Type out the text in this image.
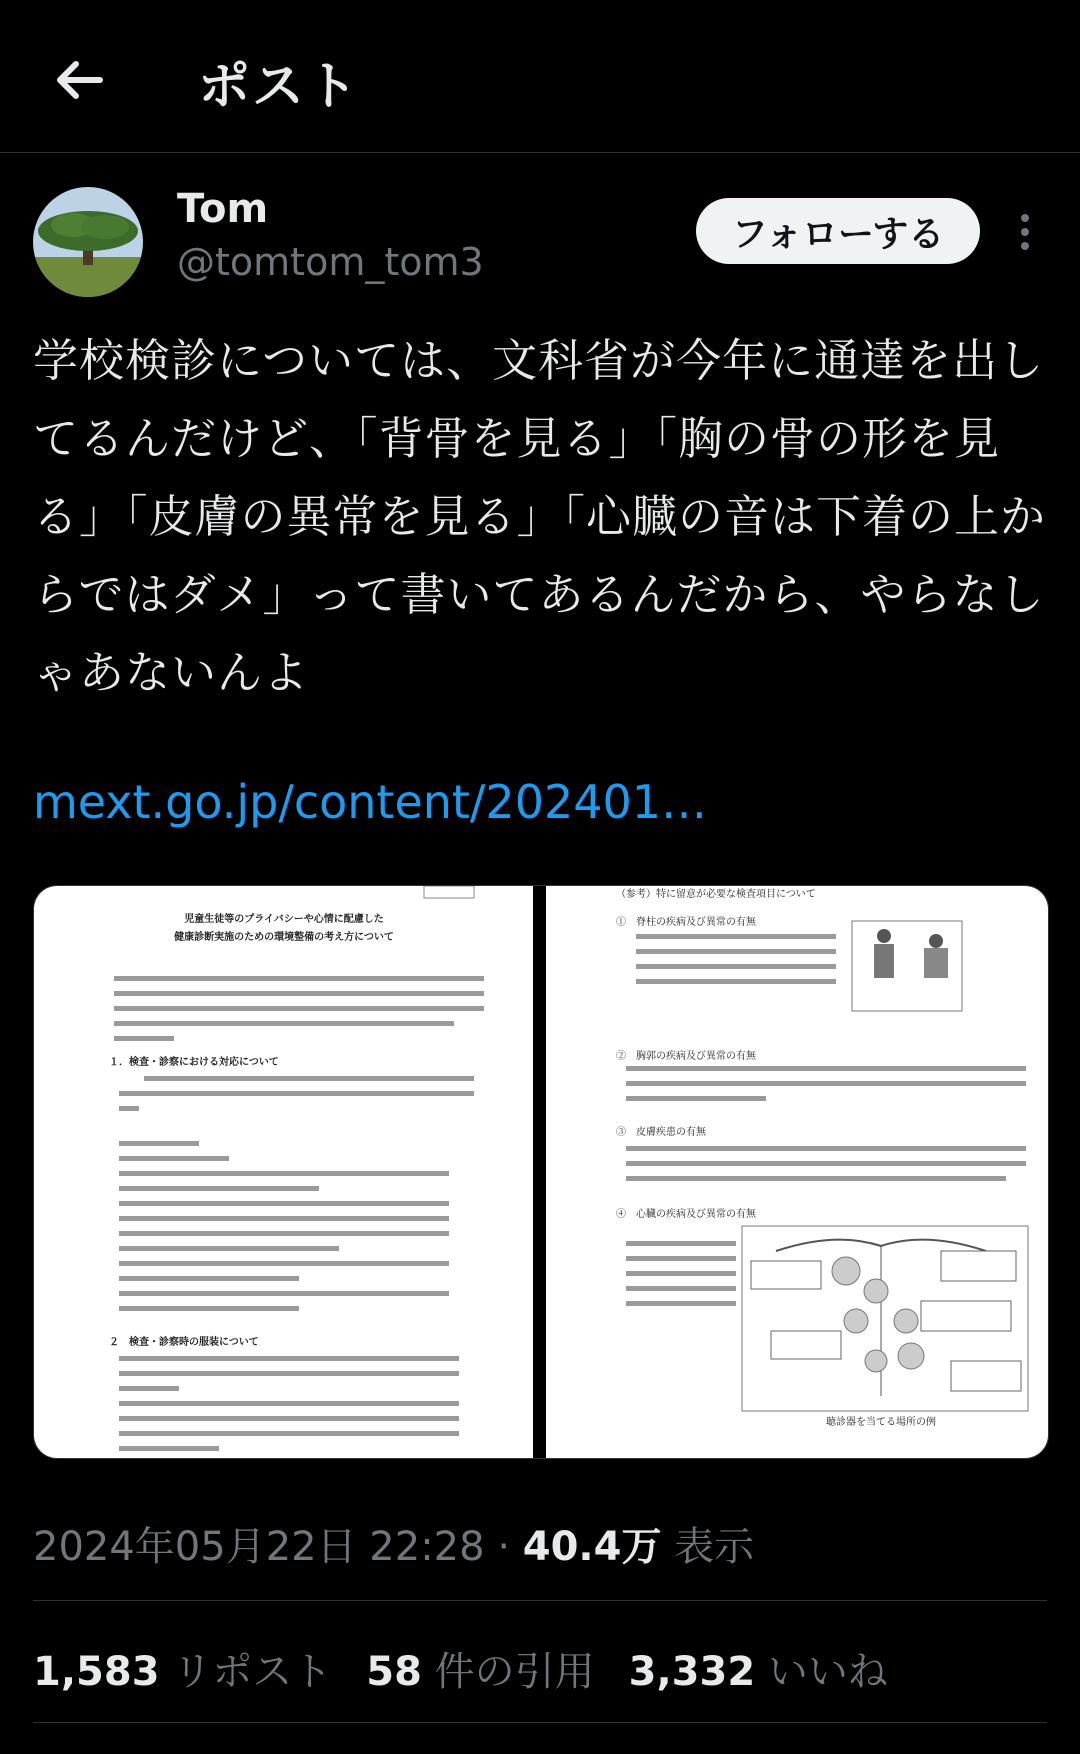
ポスト
Tom
@tomtom_tom3
フォローする
学校検診については、文科省が今年に通達を出してるんだけど、「背骨を見る」「胸の骨の形を見る」「皮膚の異常を見る」「心臓の音は下着の上からではダメ」って書いてあるんだから、やらなしゃあないんよ
mext.go.jp/content/202401…
児童生徒等のプライバシーや心情に配慮した
健康診断実施のための環境整備の考え方について
１．検査・診察における対応について
２　検査・診察時の服装について
（参考）特に留意が必要な検査項目について
①　脊柱の疾病及び異常の有無
②　胸郭の疾病及び異常の有無
③　皮膚疾患の有無
④　心臓の疾病及び異常の有無
聴診器を当てる場所の例
2024年05月22日 22:28 · 40.4万 表示
1,583 リポスト 58 件の引用 3,332 いいね
